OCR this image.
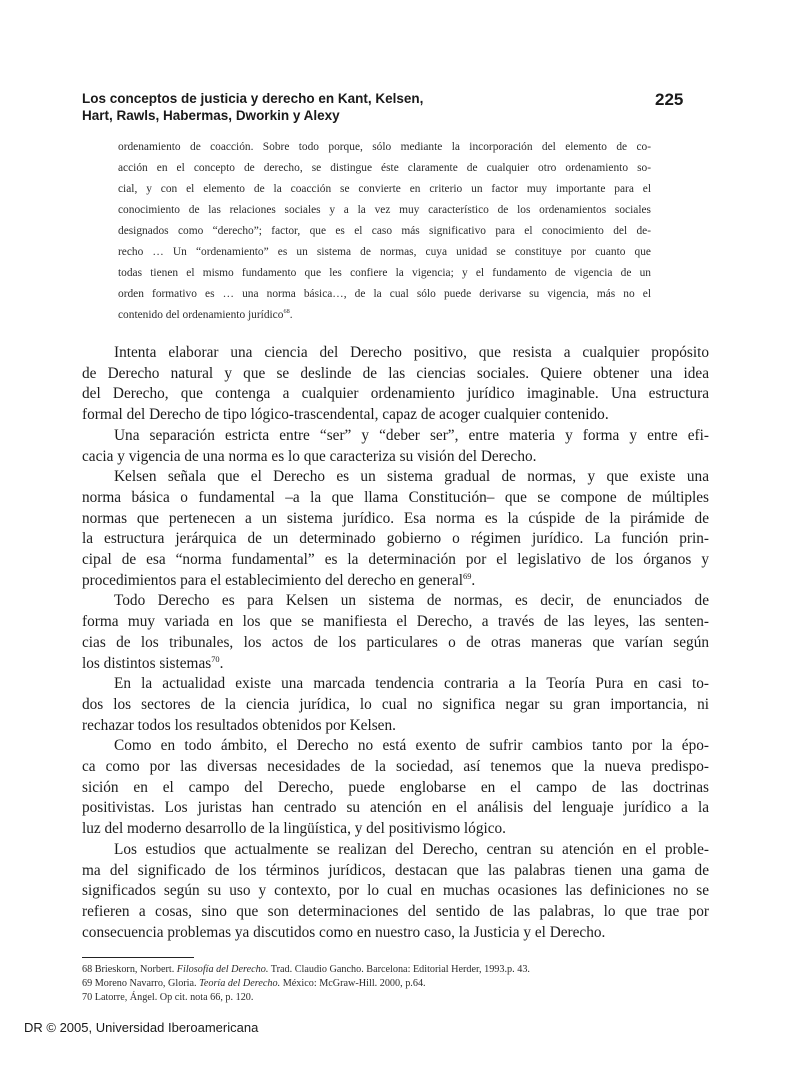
Los conceptos de justicia y derecho en Kant, Kelsen,
Hart, Rawls, Habermas, Dworkin y Alexy
225
ordenamiento de coacción. Sobre todo porque, sólo mediante la incorporación del elemento de co-
acción en el concepto de derecho, se distingue éste claramente de cualquier otro ordenamiento so-
cial, y con el elemento de la coacción se convierte en criterio un factor muy importante para el
conocimiento de las relaciones sociales y a la vez muy característico de los ordenamientos sociales
designados como “derecho”; factor, que es el caso más significativo para el conocimiento del de-
recho … Un “ordenamiento” es un sistema de normas, cuya unidad se constituye por cuanto que
todas tienen el mismo fundamento que les confiere la vigencia; y el fundamento de vigencia de un
orden formativo es … una norma básica…, de la cual sólo puede derivarse su vigencia, más no el
contenido del ordenamiento jurídico$^{68}$.
Intenta elaborar una ciencia del Derecho positivo, que resista a cualquier propósito
de Derecho natural y que se deslinde de las ciencias sociales. Quiere obtener una idea
del Derecho, que contenga a cualquier ordenamiento jurídico imaginable. Una estructura
formal del Derecho de tipo lógico-trascendental, capaz de acoger cualquier contenido.
Una separación estricta entre “ser” y “deber ser”, entre materia y forma y entre efi-
cacia y vigencia de una norma es lo que caracteriza su visión del Derecho.
Kelsen señala que el Derecho es un sistema gradual de normas, y que existe una
norma básica o fundamental –a la que llama Constitución– que se compone de múltiples
normas que pertenecen a un sistema jurídico. Esa norma es la cúspide de la pirámide de
la estructura jerárquica de un determinado gobierno o régimen jurídico. La función prin-
cipal de esa “norma fundamental” es la determinación por el legislativo de los órganos y
procedimientos para el establecimiento del derecho en general$^{69}$.
Todo Derecho es para Kelsen un sistema de normas, es decir, de enunciados de
forma muy variada en los que se manifiesta el Derecho, a través de las leyes, las senten-
cias de los tribunales, los actos de los particulares o de otras maneras que varían según
los distintos sistemas$^{70}$.
En la actualidad existe una marcada tendencia contraria a la Teoría Pura en casi to-
dos los sectores de la ciencia jurídica, lo cual no significa negar su gran importancia, ni
rechazar todos los resultados obtenidos por Kelsen.
Como en todo ámbito, el Derecho no está exento de sufrir cambios tanto por la épo-
ca como por las diversas necesidades de la sociedad, así tenemos que la nueva predispo-
sición en el campo del Derecho, puede englobarse en el campo de las doctrinas
positivistas. Los juristas han centrado su atención en el análisis del lenguaje jurídico a la
luz del moderno desarrollo de la lingüística, y del positivismo lógico.
Los estudios que actualmente se realizan del Derecho, centran su atención en el proble-
ma del significado de los términos jurídicos, destacan que las palabras tienen una gama de
significados según su uso y contexto, por lo cual en muchas ocasiones las definiciones no se
refieren a cosas, sino que son determinaciones del sentido de las palabras, lo que trae por
consecuencia problemas ya discutidos como en nuestro caso, la Justicia y el Derecho.
68 Brieskorn, Norbert. Filosofía del Derecho. Trad. Claudio Gancho. Barcelona: Editorial Herder, 1993.p. 43.
69 Moreno Navarro, Gloria. Teoría del Derecho. México: McGraw-Hill. 2000, p.64.
70 Latorre, Ángel. Op cit. nota 66, p. 120.
DR © 2005, Universidad Iberoamericana
